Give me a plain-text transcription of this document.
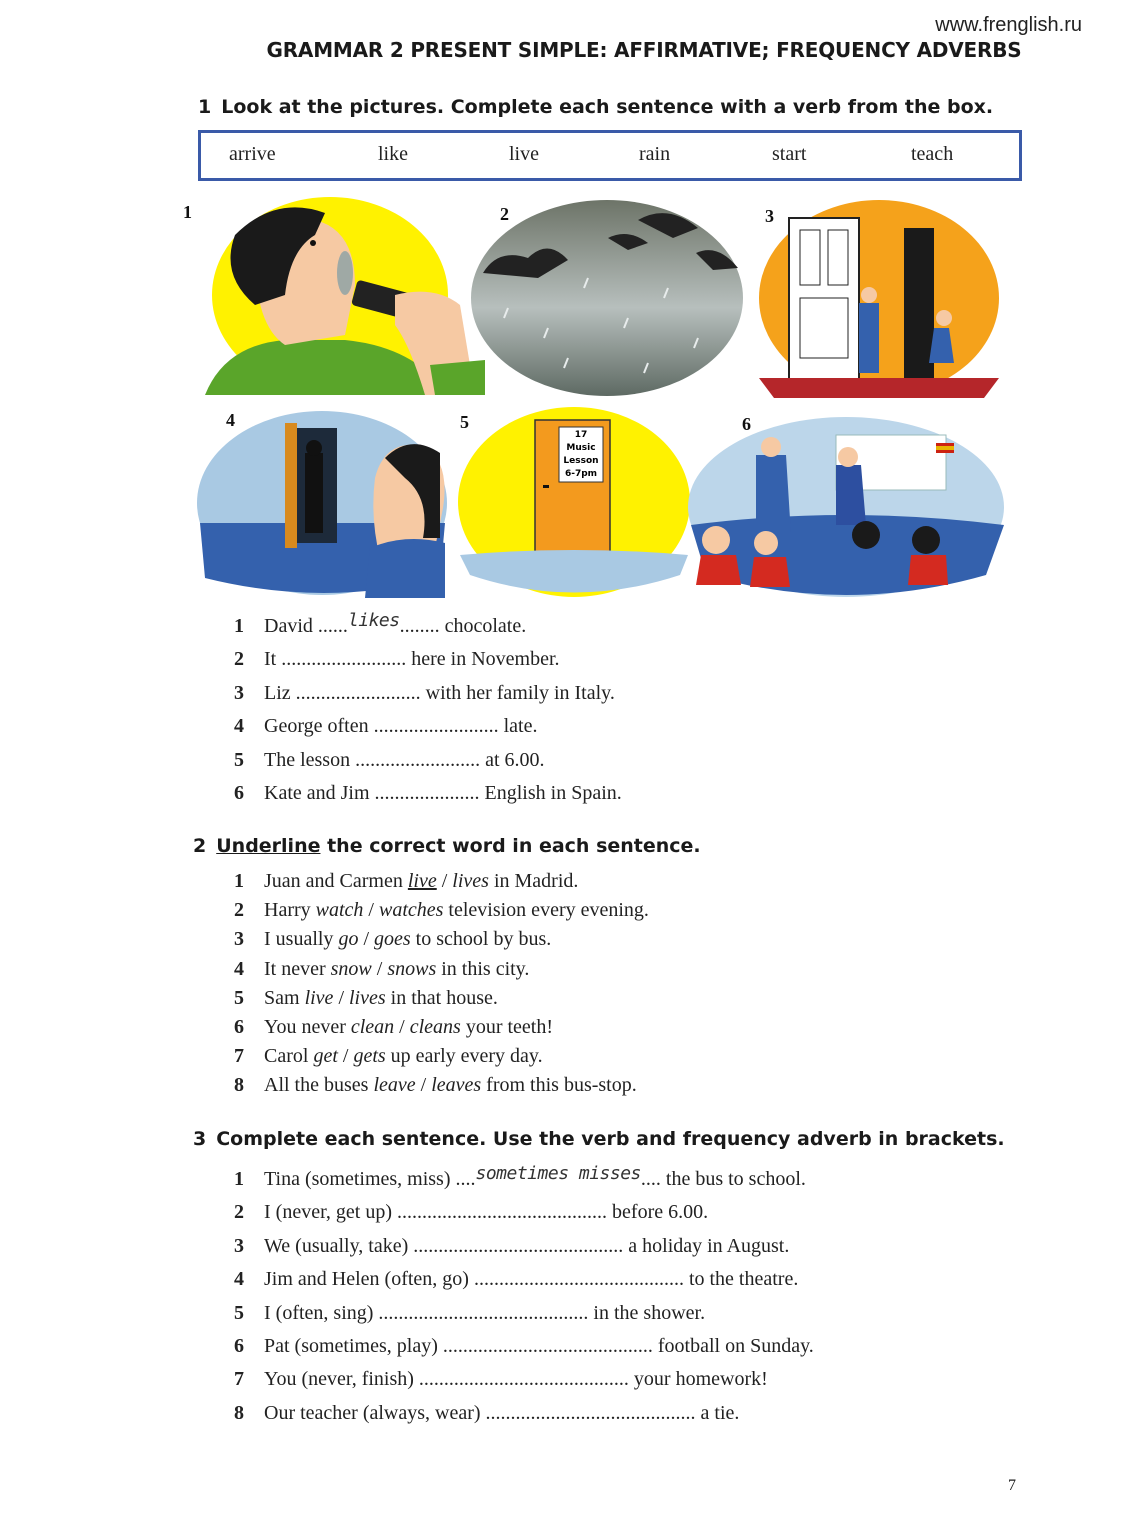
www.frenglish.ru
GRAMMAR 2 PRESENT SIMPLE: AFFIRMATIVE; FREQUENCY ADVERBS
1 Look at the pictures. Complete each sentence with a verb from the box.
arrive	like	live	rain	start	teach
1	2	3
4	5	6
17
Music
Lesson
6-7pm
1 David ......likes........ chocolate.
2 It ......................... here in November.
3 Liz ......................... with her family in Italy.
4 George often ......................... late.
5 The lesson ......................... at 6.00.
6 Kate and Jim ..................... English in Spain.
2 Underline the correct word in each sentence.
1 Juan and Carmen live / lives in Madrid.
2 Harry watch / watches television every evening.
3 I usually go / goes to school by bus.
4 It never snow / snows in this city.
5 Sam live / lives in that house.
6 You never clean / cleans your teeth!
7 Carol get / gets up early every day.
8 All the buses leave / leaves from this bus-stop.
3 Complete each sentence. Use the verb and frequency adverb in brackets.
1 Tina (sometimes, miss) ....sometimes misses.... the bus to school.
2 I (never, get up) .......................................... before 6.00.
3 We (usually, take) .......................................... a holiday in August.
4 Jim and Helen (often, go) .......................................... to the theatre.
5 I (often, sing) .......................................... in the shower.
6 Pat (sometimes, play) .......................................... football on Sunday.
7 You (never, finish) .......................................... your homework!
8 Our teacher (always, wear) .......................................... a tie.
7
